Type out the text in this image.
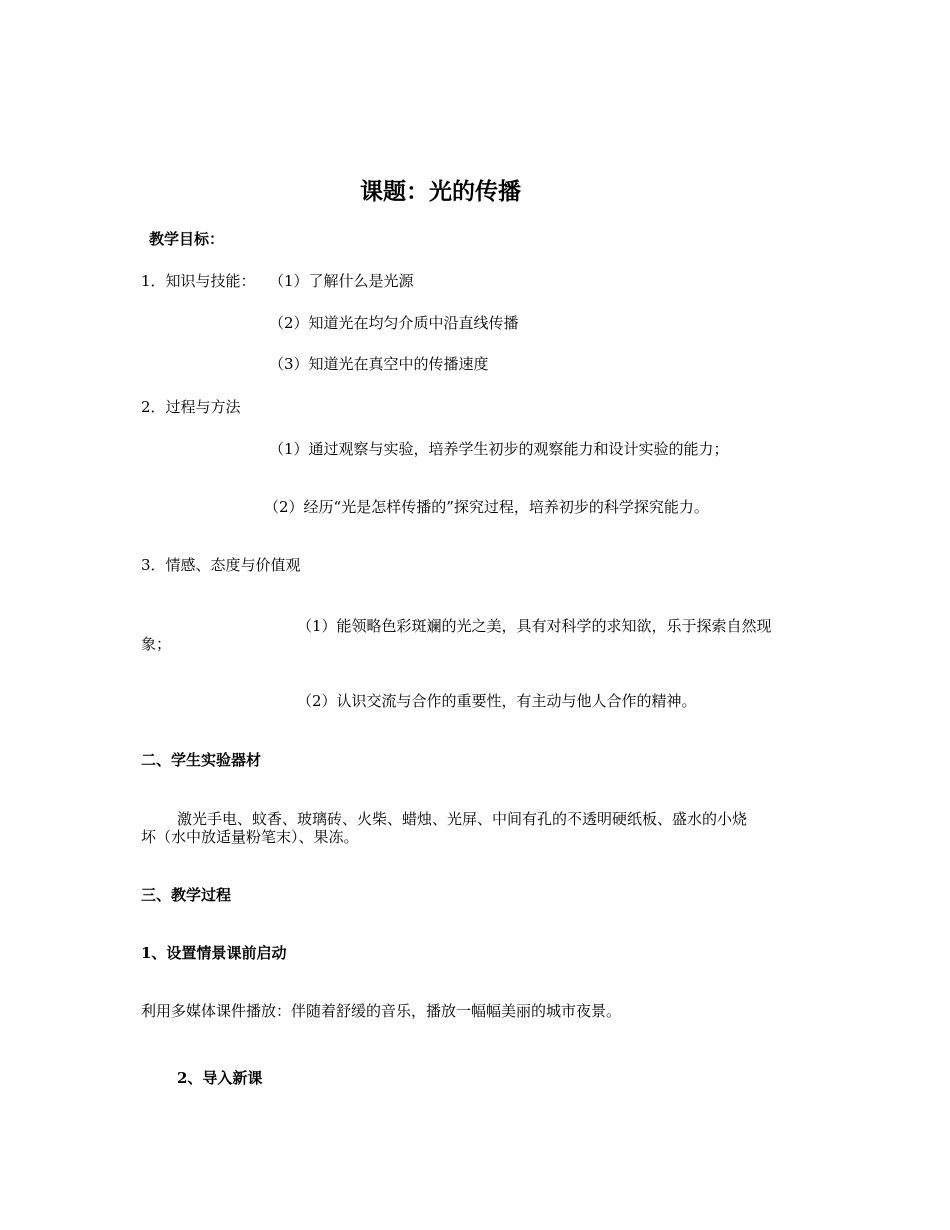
课题：光的传播
教学目标：
1．知识与技能： （1）了解什么是光源
（2）知道光在均匀介质中沿直线传播
（3）知道光在真空中的传播速度
2．过程与方法
（1）通过观察与实验，培养学生初步的观察能力和设计实验的能力；
（2）经历“光是怎样传播的”探究过程，培养初步的科学探究能力。
3．情感、态度与价值观
（1）能领略色彩斑斓的光之美，具有对科学的求知欲，乐于探索自然现
象；
（2）认识交流与合作的重要性，有主动与他人合作的精神。
二、学生实验器材
激光手电、蚊香、玻璃砖、火柴、蜡烛、光屏、中间有孔的不透明硬纸板、盛水的小烧
坏（水中放适量粉笔末）、果冻。
三、教学过程
1、设置情景课前启动
利用多媒体课件播放：伴随着舒缓的音乐，播放一幅幅美丽的城市夜景。
2、导入新课
